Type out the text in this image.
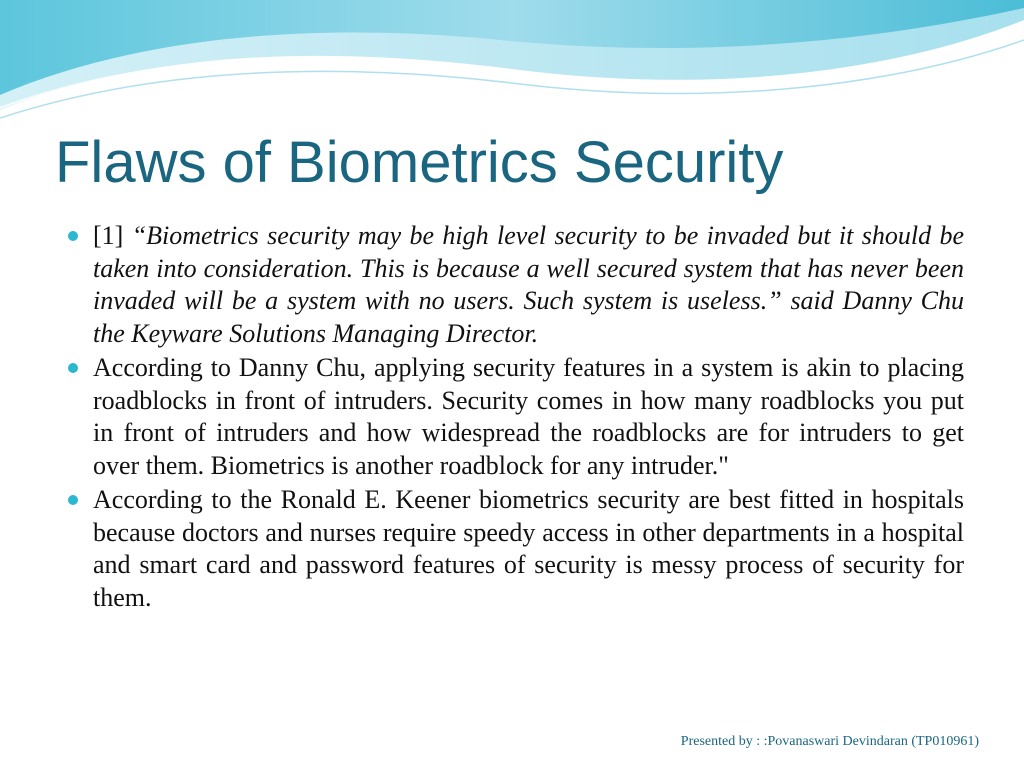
Flaws of Biometrics Security
[1] “Biometrics security may be high level security to be invaded but it should be taken into consideration. This is because a well secured system that has never been invaded will be a system with no users. Such system is useless.” said Danny Chu the Keyware Solutions Managing Director.
According to Danny Chu, applying security features in a system is akin to placing roadblocks in front of intruders. Security comes in how many roadblocks you put in front of intruders and how widespread the roadblocks are for intruders to get over them. Biometrics is another roadblock for any intruder."
According to the Ronald E. Keener biometrics security are best fitted in hospitals because doctors and nurses require speedy access in other departments in a hospital and smart card and password features of security is messy process of security for them.
Presented by : :Povanaswari Devindaran (TP010961)
